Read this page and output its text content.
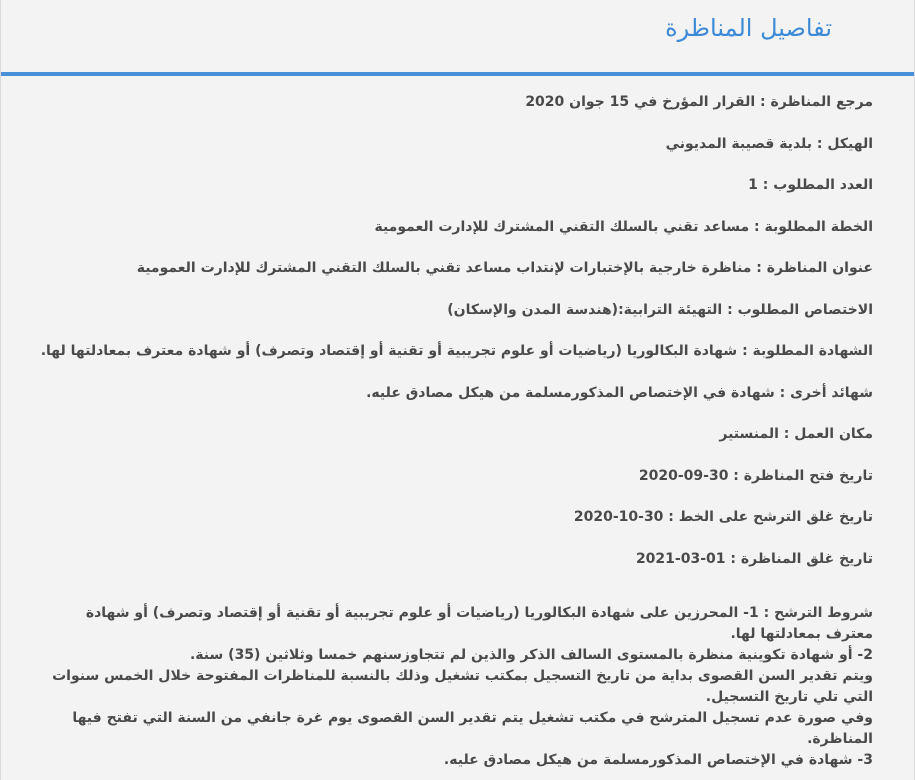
تفاصيل المناظرة
مرجع المناظرة : القرار المؤرخ في 15 جوان 2020
الهيكل : بلدية قصيبة المديوني
العدد المطلوب : 1
الخطة المطلوبة : مساعد تقني بالسلك التقني المشترك للإدارت العمومية
عنوان المناظرة : مناظرة خارجية بالإختبارات لإنتداب مساعد تقني بالسلك التقني المشترك للإدارت العمومية
الاختصاص المطلوب : التهيئة الترابية:(هندسة المدن والإسكان)
الشهادة المطلوبة : شهادة البكالوريا (رياضيات أو علوم تجريبية أو تقنية أو إقتصاد وتصرف) أو شهادة معترف بمعادلتها لها.
شهائد أخرى : شهادة في الإختصاص المذكورمسلمة من هيكل مصادق عليه.
مكان العمل : المنستير
تاريخ فتح المناظرة : 30-09-2020
تاريخ غلق الترشح على الخط : 30-10-2020
تاريخ غلق المناظرة : 01-03-2021

شروط الترشح : 1- المحرزين على شهادة البكالوريا (رياضيات أو علوم تجريبية أو تقنية أو إقتصاد وتصرف) أو شهادة معترف بمعادلتها لها.

2- أو شهادة تكوينية منظرة بالمستوى السالف الذكر والذين لم تتجاوزسنهم خمسا وثلاثين (35) سنة.

ويتم تقدير السن القصوى بداية من تاريخ التسجيل بمكتب تشغيل وذلك بالنسبة للمناظرات المفتوحة خلال الخمس سنوات التي تلي تاريخ التسجيل.

وفي صورة عدم تسجيل المترشح في مكتب تشغيل يتم تقدير السن القصوى يوم غرة جانفي من السنة التي تفتح فيها المناظرة.

3- شهادة في الإختصاص المذكورمسلمة من هيكل مصادق عليه.
